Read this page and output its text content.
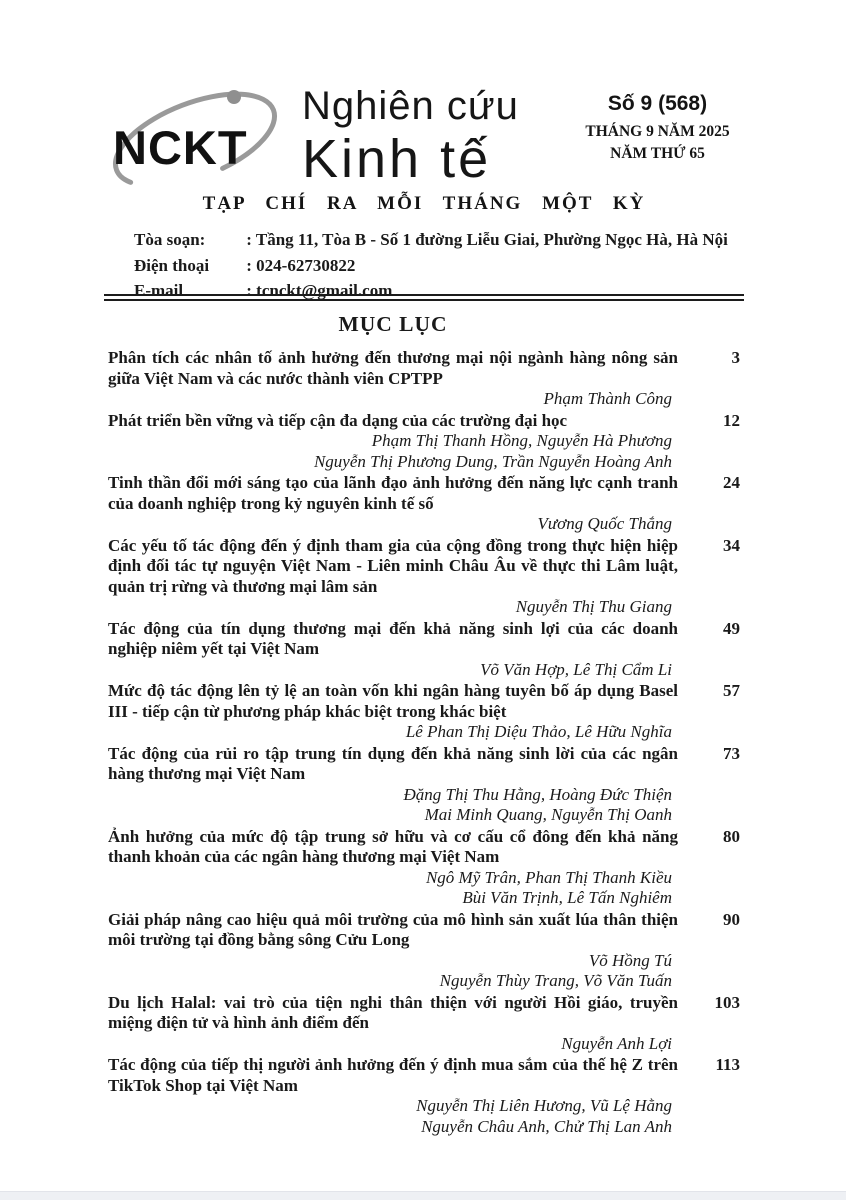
NCKT
Nghiên cứu
Kinh tế
Số 9 (568)
THÁNG 9 NĂM 2025
NĂM THỨ 65
TẠP CHÍ RA MỖI THÁNG MỘT KỲ
Tòa soạn: : Tầng 11, Tòa B - Số 1 đường Liễu Giai, Phường Ngọc Hà, Hà Nội
Điện thoại : 024-62730822
E-mail	: tcnckt@gmail.com
MỤC LỤC
Phân tích các nhân tố ảnh hưởng đến thương mại nội ngành hàng nông sản giữa Việt Nam và các nước thành viên CPTPP
3
Phạm Thành Công
Phát triển bền vững và tiếp cận đa dạng của các trường đại học	12
Phạm Thị Thanh Hồng, Nguyễn Hà Phương
Nguyễn Thị Phương Dung, Trần Nguyễn Hoàng Anh
Tinh thần đổi mới sáng tạo của lãnh đạo ảnh hưởng đến năng lực cạnh tranh của doanh nghiệp trong kỷ nguyên kinh tế số
24
Vương Quốc Thắng
Các yếu tố tác động đến ý định tham gia của cộng đồng trong thực hiện hiệp định đối tác tự nguyện Việt Nam - Liên minh Châu Âu về thực thi Lâm luật, quản trị rừng và thương mại lâm sản
34
Nguyễn Thị Thu Giang
Tác động của tín dụng thương mại đến khả năng sinh lợi của các doanh nghiệp niêm yết tại Việt Nam
49
Võ Văn Hợp, Lê Thị Cẩm Li
Mức độ tác động lên tỷ lệ an toàn vốn khi ngân hàng tuyên bố áp dụng Basel III - tiếp cận từ phương pháp khác biệt trong khác biệt
57
Lê Phan Thị Diệu Thảo, Lê Hữu Nghĩa
Tác động của rủi ro tập trung tín dụng đến khả năng sinh lời của các ngân hàng thương mại Việt Nam
73
Đặng Thị Thu Hằng, Hoàng Đức Thiện
Mai Minh Quang, Nguyễn Thị Oanh
Ảnh hưởng của mức độ tập trung sở hữu và cơ cấu cổ đông đến khả năng thanh khoản của các ngân hàng thương mại Việt Nam
80
Ngô Mỹ Trân, Phan Thị Thanh Kiều
Bùi Văn Trịnh, Lê Tấn Nghiêm
Giải pháp nâng cao hiệu quả môi trường của mô hình sản xuất lúa thân thiện môi trường tại đồng bằng sông Cửu Long
90
Võ Hồng Tú
Nguyễn Thùy Trang, Võ Văn Tuấn
Du lịch Halal: vai trò của tiện nghi thân thiện với người Hồi giáo, truyền miệng điện tử và hình ảnh điểm đến
103
Nguyễn Anh Lợi
Tác động của tiếp thị người ảnh hưởng đến ý định mua sắm của thế hệ Z trên TikTok Shop tại Việt Nam
113
Nguyễn Thị Liên Hương, Vũ Lệ Hằng
Nguyễn Châu Anh, Chử Thị Lan Anh
